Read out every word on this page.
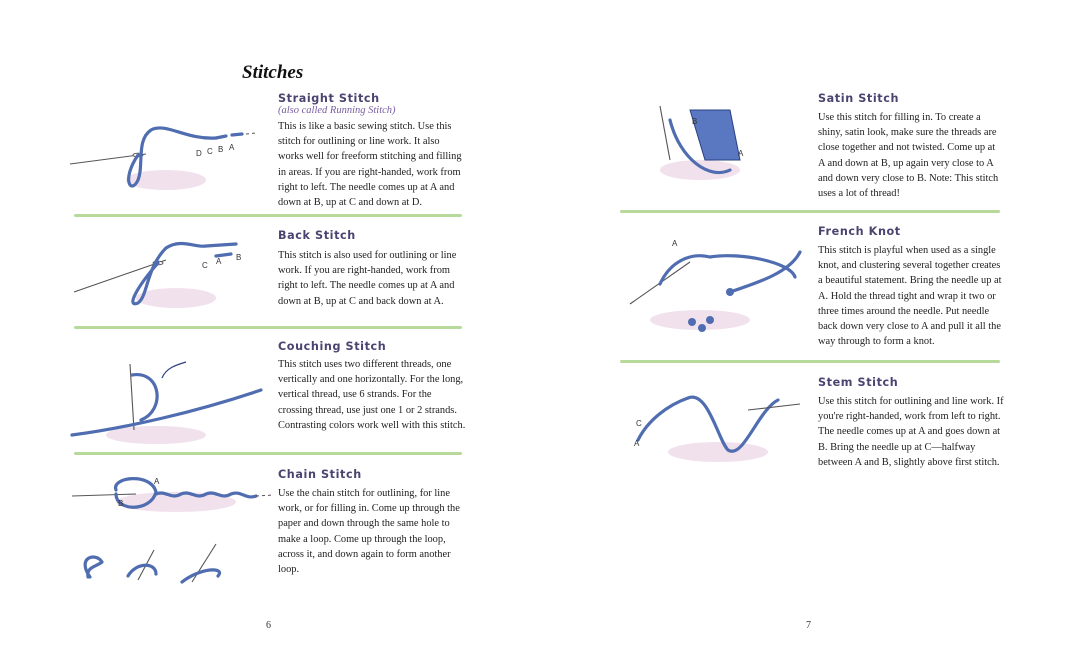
Stitches
D C B A
Straight Stitch

(also called Running Stitch)

This is like a basic sewing stitch. Use this stitch for outlining or line work. It also works well for freeform stitching and filling in areas. If you are right-handed, work from right to left. The needle comes up at A and down at B, up at C and down at D.

C A B
Back Stitch

This stitch is also used for outlining or line work. If you are right-handed, work from right to left. The needle comes up at A and down at B, up at C and back down at A.

Couching Stitch

This stitch uses two different threads, one vertically and one horizontally. For the long, vertical thread, use 6 strands. For the crossing thread, use just one 1 or 2 strands. Contrasting colors work well with this stitch.

A
B
Chain Stitch

Use the chain stitch for outlining, for line work, or for filling in. Come up through the paper and down through the same hole to make a loop. Come up through the loop, across it, and down again to form another loop.

6
B
A
Satin Stitch

Use this stitch for filling in. To create a shiny, satin look, make sure the threads are close together and not twisted. Come up at A and down at B, up again very close to A and down very close to B. Note: This stitch uses a lot of thread!

A
French Knot

This stitch is playful when used as a single knot, and clustering several together creates a beautiful statement. Bring the needle up at A. Hold the thread tight and wrap it two or three times around the needle. Put needle back down very close to A and pull it all the way through to form a knot.

A
C
Stem Stitch

Use this stitch for outlining and line work. If you're right-handed, work from left to right. The needle comes up at A and goes down at B. Bring the needle up at C—halfway between A and B, slightly above first stitch.

7
